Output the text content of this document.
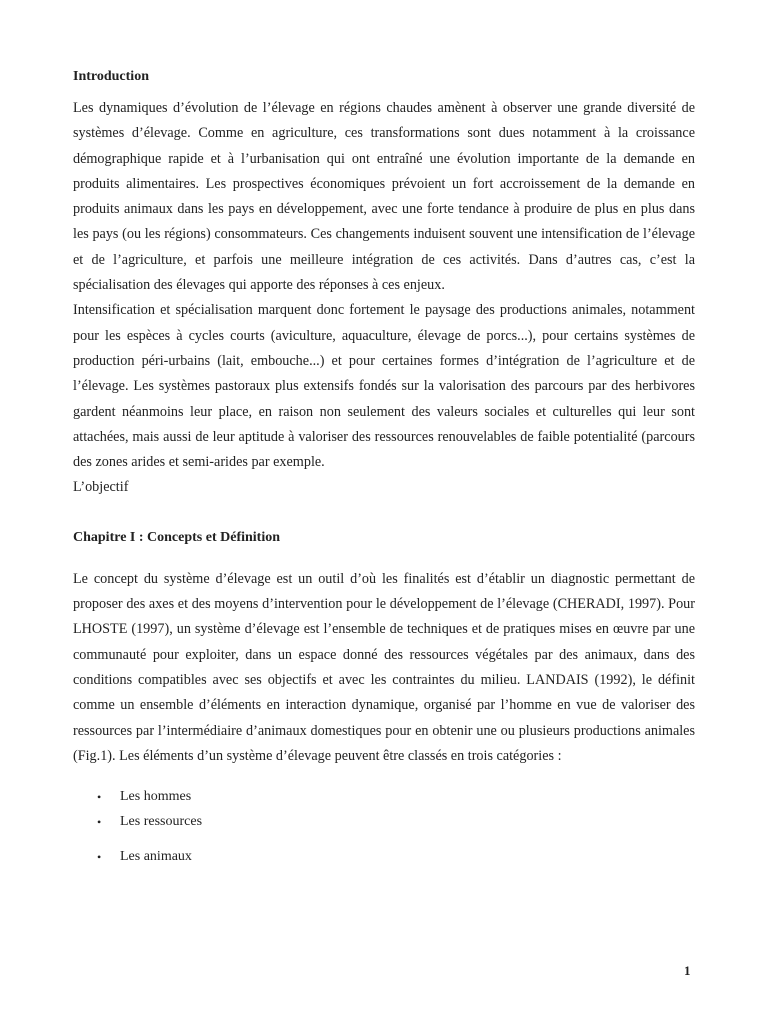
Introduction

Les dynamiques d’évolution de l’élevage en régions chaudes amènent à observer une grande diversité de systèmes d’élevage. Comme en agriculture, ces transformations sont dues notamment à la croissance démographique rapide et à l’urbanisation qui ont entraîné une évolution importante de la demande en produits alimentaires. Les prospectives économiques prévoient un fort accroissement de la demande en produits animaux dans les pays en développement, avec une forte tendance à produire de plus en plus dans les pays (ou les régions) consommateurs. Ces changements induisent souvent une intensification de l’élevage et de l’agriculture, et parfois une meilleure intégration de ces activités. Dans d’autres cas, c’est la spécialisation des élevages qui apporte des réponses à ces enjeux.

Intensification et spécialisation marquent donc fortement le paysage des productions animales, notamment pour les espèces à cycles courts (aviculture, aquaculture, élevage de porcs...), pour certains systèmes de production péri-urbains (lait, embouche...) et pour certaines formes d’intégration de l’agriculture et de l’élevage. Les systèmes pastoraux plus extensifs fondés sur la valorisation des parcours par des herbivores gardent néanmoins leur place, en raison non seulement des valeurs sociales et culturelles qui leur sont attachées, mais aussi de leur aptitude à valoriser des ressources renouvelables de faible potentialité (parcours des zones arides et semi-arides par exemple.

L’objectif

Chapitre I : Concepts et Définition

Le concept du système d’élevage est un outil d’où les finalités est d’établir un diagnostic permettant de proposer des axes et des moyens d’intervention pour le développement de l’élevage (CHERADI, 1997). Pour LHOSTE (1997), un système d’élevage est l’ensemble de techniques et de pratiques mises en œuvre par une communauté pour exploiter, dans un espace donné des ressources végétales par des animaux, dans des conditions compatibles avec ses objectifs et avec les contraintes du milieu. LANDAIS (1992), le définit comme un ensemble d’éléments en interaction dynamique, organisé par l’homme en vue de valoriser des ressources par l’intermédiaire d’animaux domestiques pour en obtenir une ou plusieurs productions animales (Fig.1). Les éléments d’un système d’élevage peuvent être classés en trois catégories :

• Les hommes
• Les ressources
• Les animaux
1
